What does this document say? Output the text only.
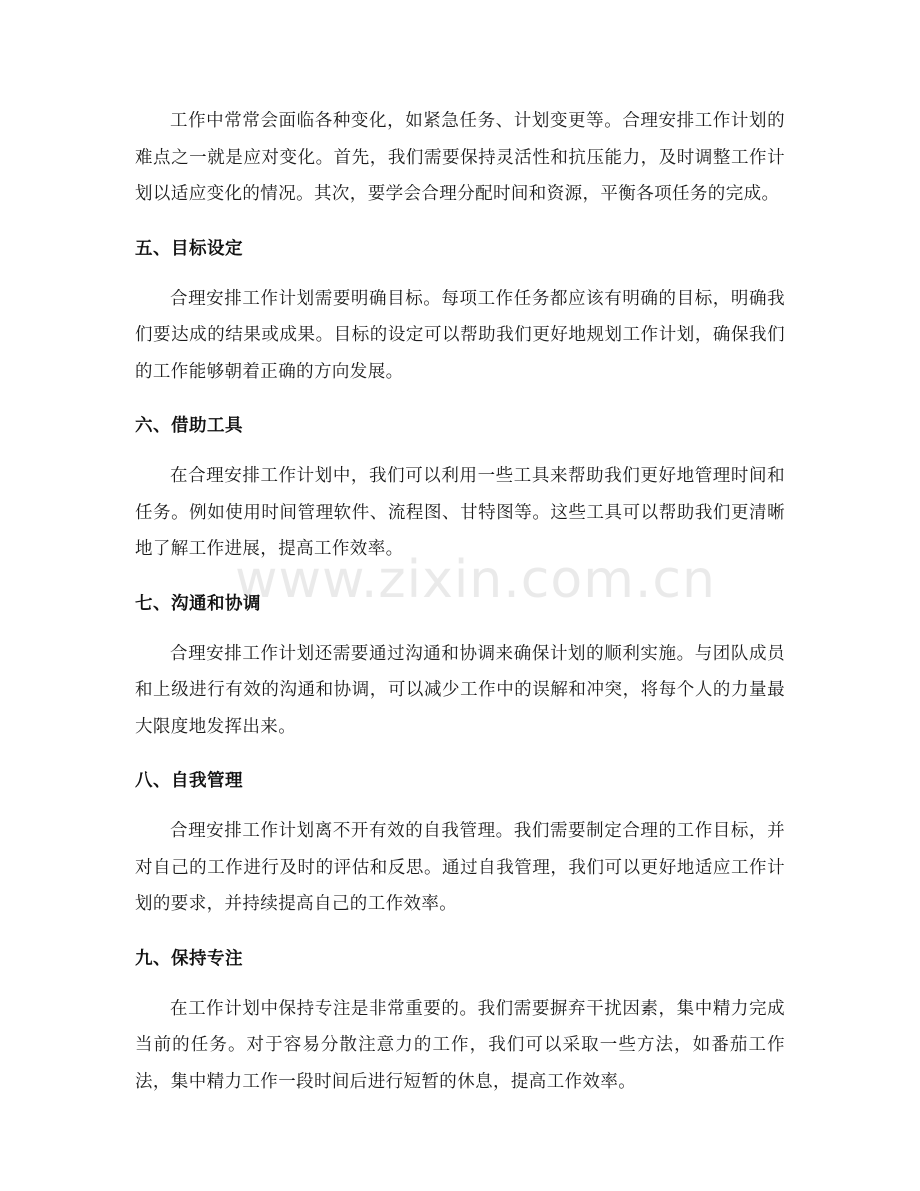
工作中常常会面临各种变化，如紧急任务、计划变更等。合理安排工作计划的难点之一就是应对变化。首先，我们需要保持灵活性和抗压能力，及时调整工作计划以适应变化的情况。其次，要学会合理分配时间和资源，平衡各项任务的完成。

五、目标设定

合理安排工作计划需要明确目标。每项工作任务都应该有明确的目标，明确我们要达成的结果或成果。目标的设定可以帮助我们更好地规划工作计划，确保我们的工作能够朝着正确的方向发展。

六、借助工具

在合理安排工作计划中，我们可以利用一些工具来帮助我们更好地管理时间和任务。例如使用时间管理软件、流程图、甘特图等。这些工具可以帮助我们更清晰地了解工作进展，提高工作效率。

七、沟通和协调

合理安排工作计划还需要通过沟通和协调来确保计划的顺利实施。与团队成员和上级进行有效的沟通和协调，可以减少工作中的误解和冲突，将每个人的力量最大限度地发挥出来。

八、自我管理

合理安排工作计划离不开有效的自我管理。我们需要制定合理的工作目标，并对自己的工作进行及时的评估和反思。通过自我管理，我们可以更好地适应工作计划的要求，并持续提高自己的工作效率。

九、保持专注

在工作计划中保持专注是非常重要的。我们需要摒弃干扰因素，集中精力完成当前的任务。对于容易分散注意力的工作，我们可以采取一些方法，如番茄工作法，集中精力工作一段时间后进行短暂的休息，提高工作效率。

www.zixin.com.cn
